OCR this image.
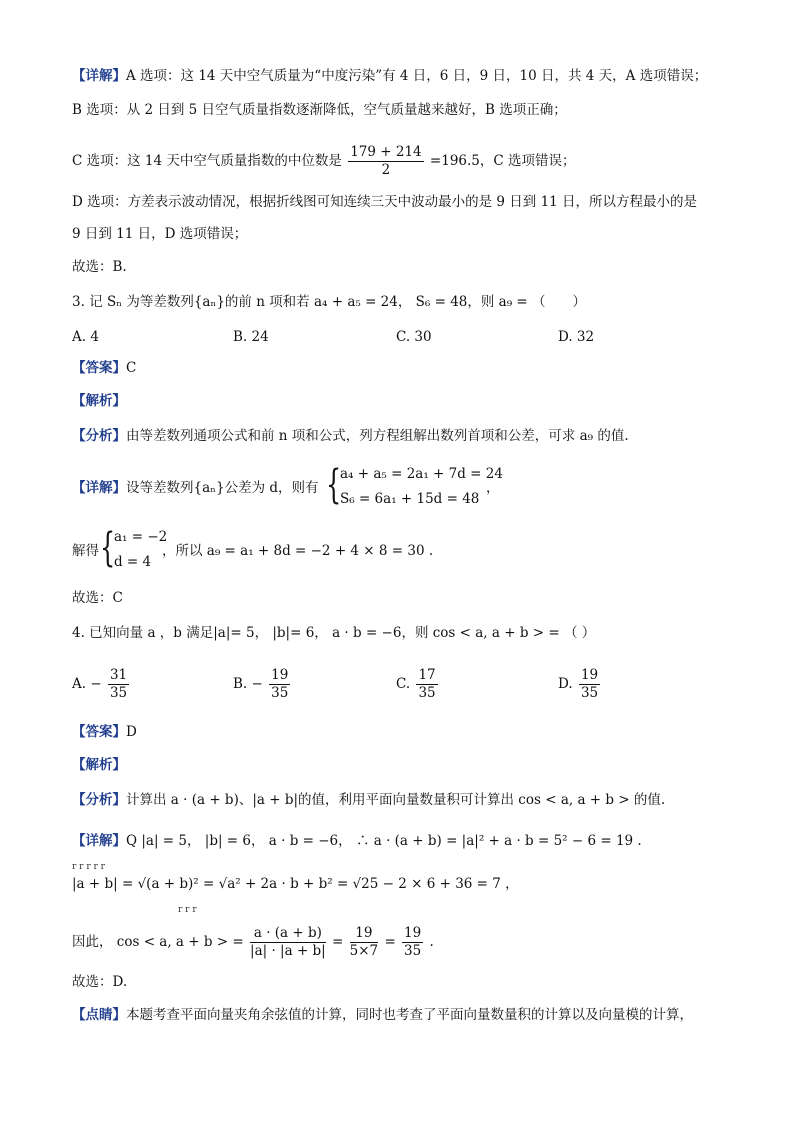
【详解】A 选项：这 14 天中空气质量为“中度污染”有 4 日，6 日，9 日，10 日，共 4 天，A 选项错误；
B 选项：从 2 日到 5 日空气质量指数逐渐降低，空气质量越来越好，B 选项正确；
C 选项：这 14 天中空气质量指数的中位数是 $\frac{179 + 214}{2} =196.5$，C 选项错误；
D 选项：方差表示波动情况，根据折线图可知连续三天中波动最小的是 9 日到 11 日，所以方程最小的是
9 日到 11 日，D 选项错误；
故选：B.
3. 记 Sₙ 为等差数列{aₙ}的前 n 项和若 a₄ + a₅ = 24， S₆ = 48，则 a₉ = （　　）
A. 4	B. 24	C. 30	D. 32
【答案】C
【解析】
【分析】由等差数列通项公式和前 n 项和公式，列方程组解出数列首项和公差，可求 a₉ 的值.
【详解】设等差数列{aₙ}公差为 d，则有 {
a₄ + a₅ = 2a₁ + 7d = 24
S₆ = 6a₁ + 15d = 48
，
解得 {
a₁ = −2
d = 4
，所以 a₉ = a₁ + 8d = −2 + 4 × 8 = 30 .
故选：C
4. 已知向量 a ，b 满足|a|= 5， |b|= 6， a · b = −6，则 cos < a, a + b > = （ ）
A. − $\frac{31}{35}$	B. − $\frac{19}{35}$	C. $\frac{17}{35}$	D. $\frac{19}{35}$
【答案】D
【解析】
【分析】计算出 a · (a + b)、|a + b|的值，利用平面向量数量积可计算出 cos < a, a + b > 的值.
【详解】Q |a| = 5， |b| = 6， a · b = −6， ∴ a · (a + b) = |a|² + a · b = 5² − 6 = 19 .
r r r r r
|a + b| = √(a + b)² = √a² + 2a · b + b² = √25 − 2 × 6 + 36 = 7 ，
r r r
因此， cos < a, a + b > = $\frac{a \cdot (a + b)}{|a| \cdot |a + b|} = \frac{19}{5\times 7} = \frac{19}{35}$ .
故选：D.
【点睛】本题考查平面向量夹角余弦值的计算，同时也考查了平面向量数量积的计算以及向量模的计算，
